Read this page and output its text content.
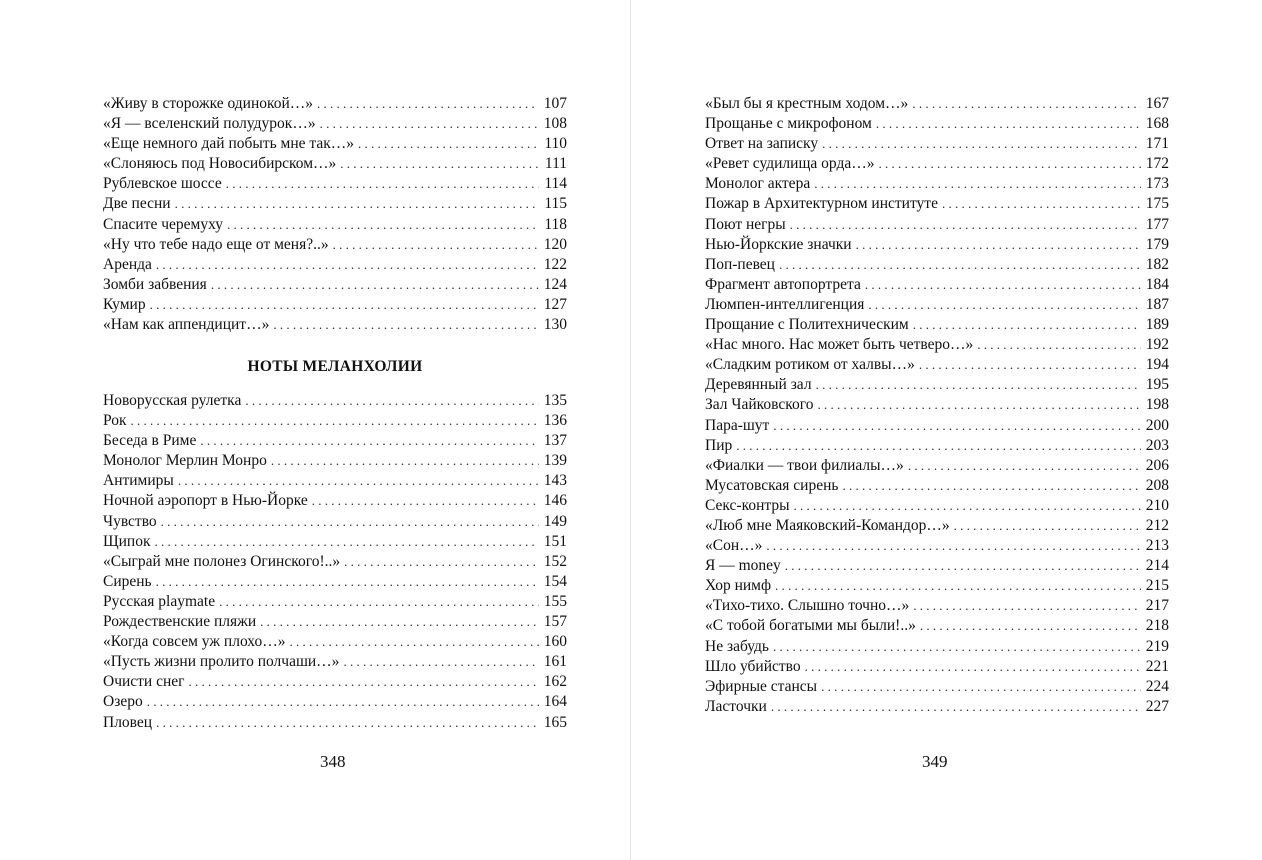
«Живу в сторожке одинокой…» . . .	107
«Я — вселенский полудурок…» . . .	108
«Еще немного дай побыть мне так…» . . .	110
«Слоняюсь под Новосибирском…» . . .	111
Рублевское шоссе . . .	114
Две песни . . .	115
Спасите черемуху . . .	118
«Ну что тебе надо еще от меня?..» . . .	120
Аренда . . .	122
Зомби забвения . . .	124
Кумир . . .	127
«Нам как аппендицит…» . . .	130
НОТЫ МЕЛАНХОЛИИ
Новорусская рулетка . . .	135
Рок . . .	136
Беседа в Риме . . .	137
Монолог Мерлин Монро . . .	139
Антимиры . . .	143
Ночной аэропорт в Нью-Йорке . . .	146
Чувство . . .	149
Щипок . . .	151
«Сыграй мне полонез Огинского!..» . . .	152
Сирень . . .	154
Русская playmate . . .	155
Рождественские пляжи . . .	157
«Когда совсем уж плохо…» . . .	160
«Пусть жизни пролито полчаши…» . . .	161
Очисти снег . . .	162
Озеро . . .	164
Пловец . . .	165
348
«Был бы я крестным ходом…» . . .	167
Прощанье с микрофоном . . .	168
Ответ на записку . . .	171
«Ревет судилища орда…» . . .	172
Монолог актера . . .	173
Пожар в Архитектурном институте . . .	175
Поют негры . . .	177
Нью-Йоркские значки . . .	179
Поп-певец . . .	182
Фрагмент автопортрета . . .	184
Люмпен-интеллигенция . . .	187
Прощание с Политехническим . . .	189
«Нас много. Нас может быть четверо…» . . .	192
«Сладким ротиком от халвы…» . . .	194
Деревянный зал . . .	195
Зал Чайковского . . .	198
Пара-шут . . .	200
Пир . . .	203
«Фиалки — твои филиалы…» . . .	206
Мусатовская сирень . . .	208
Секс-контры . . .	210
«Люб мне Маяковский-Командор…» . . .	212
«Сон…» . . .	213
Я — money . . .	214
Хор нимф . . .	215
«Тихо-тихо. Слышно точно…» . . .	217
«С тобой богатыми мы были!..» . . .	218
Не забудь . . .	219
Шло убийство . . .	221
Эфирные стансы . . .	224
Ласточки . . .	227
349
